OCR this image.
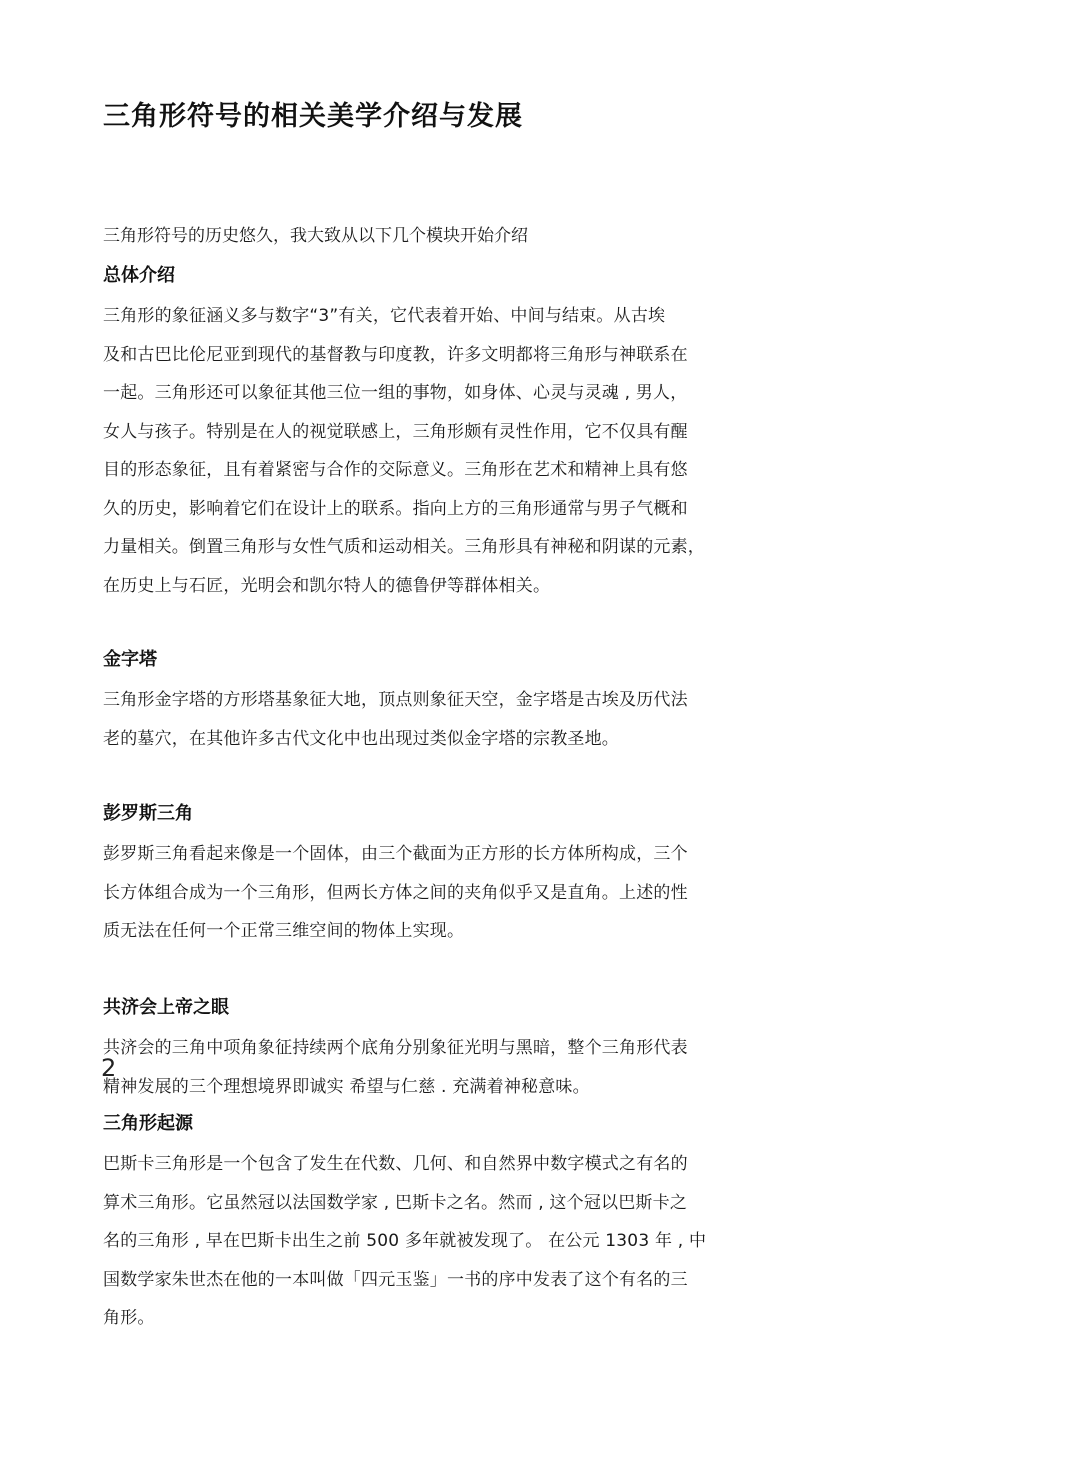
三角形符号的相关美学介绍与发展

三角形符号的历史悠久，我大致从以下几个模块开始介绍

总体介绍
三角形的象征涵义多与数字“3”有关，它代表着开始、中间与结束。从古埃
及和古巴比伦尼亚到现代的基督教与印度教，许多文明都将三角形与神联系在
一起。三角形还可以象征其他三位一组的事物，如身体、心灵与灵魂 , 男人，
女人与孩子。特别是在人的视觉联感上，三角形颇有灵性作用，它不仅具有醒
目的形态象征，且有着紧密与合作的交际意义。三角形在艺术和精神上具有悠
久的历史，影响着它们在设计上的联系。指向上方的三角形通常与男子气概和
力量相关。倒置三角形与女性气质和运动相关。三角形具有神秘和阴谋的元素，
在历史上与石匠，光明会和凯尔特人的德鲁伊等群体相关。
金字塔
三角形金字塔的方形塔基象征大地，顶点则象征天空，金字塔是古埃及历代法
老的墓穴，在其他许多古代文化中也出现过类似金字塔的宗教圣地。
彭罗斯三角
彭罗斯三角看起来像是一个固体，由三个截面为正方形的长方体所构成，三个
长方体组合成为一个三角形，但两长方体之间的夹角似乎又是直角。上述的性
质无法在任何一个正常三维空间的物体上实现。
共济会上帝之眼
共济会的三角中项角象征持续两个底角分别象征光明与黑暗，整个三角形代表
精神发展的三个理想境界即诚实 希望与仁慈 . 充满着神秘意味。
三角形起源
巴斯卡三角形是一个包含了发生在代数、几何、和自然界中数字模式之有名的
算术三角形。它虽然冠以法国数学家 , 巴斯卡之名。然而 , 这个冠以巴斯卡之
名的三角形 , 早在巴斯卡出生之前 500 多年就被发现了。 在公元 1303 年 , 中
国数学家朱世杰在他的一本叫做「四元玉鉴」一书的序中发表了这个有名的三
角形。
2
